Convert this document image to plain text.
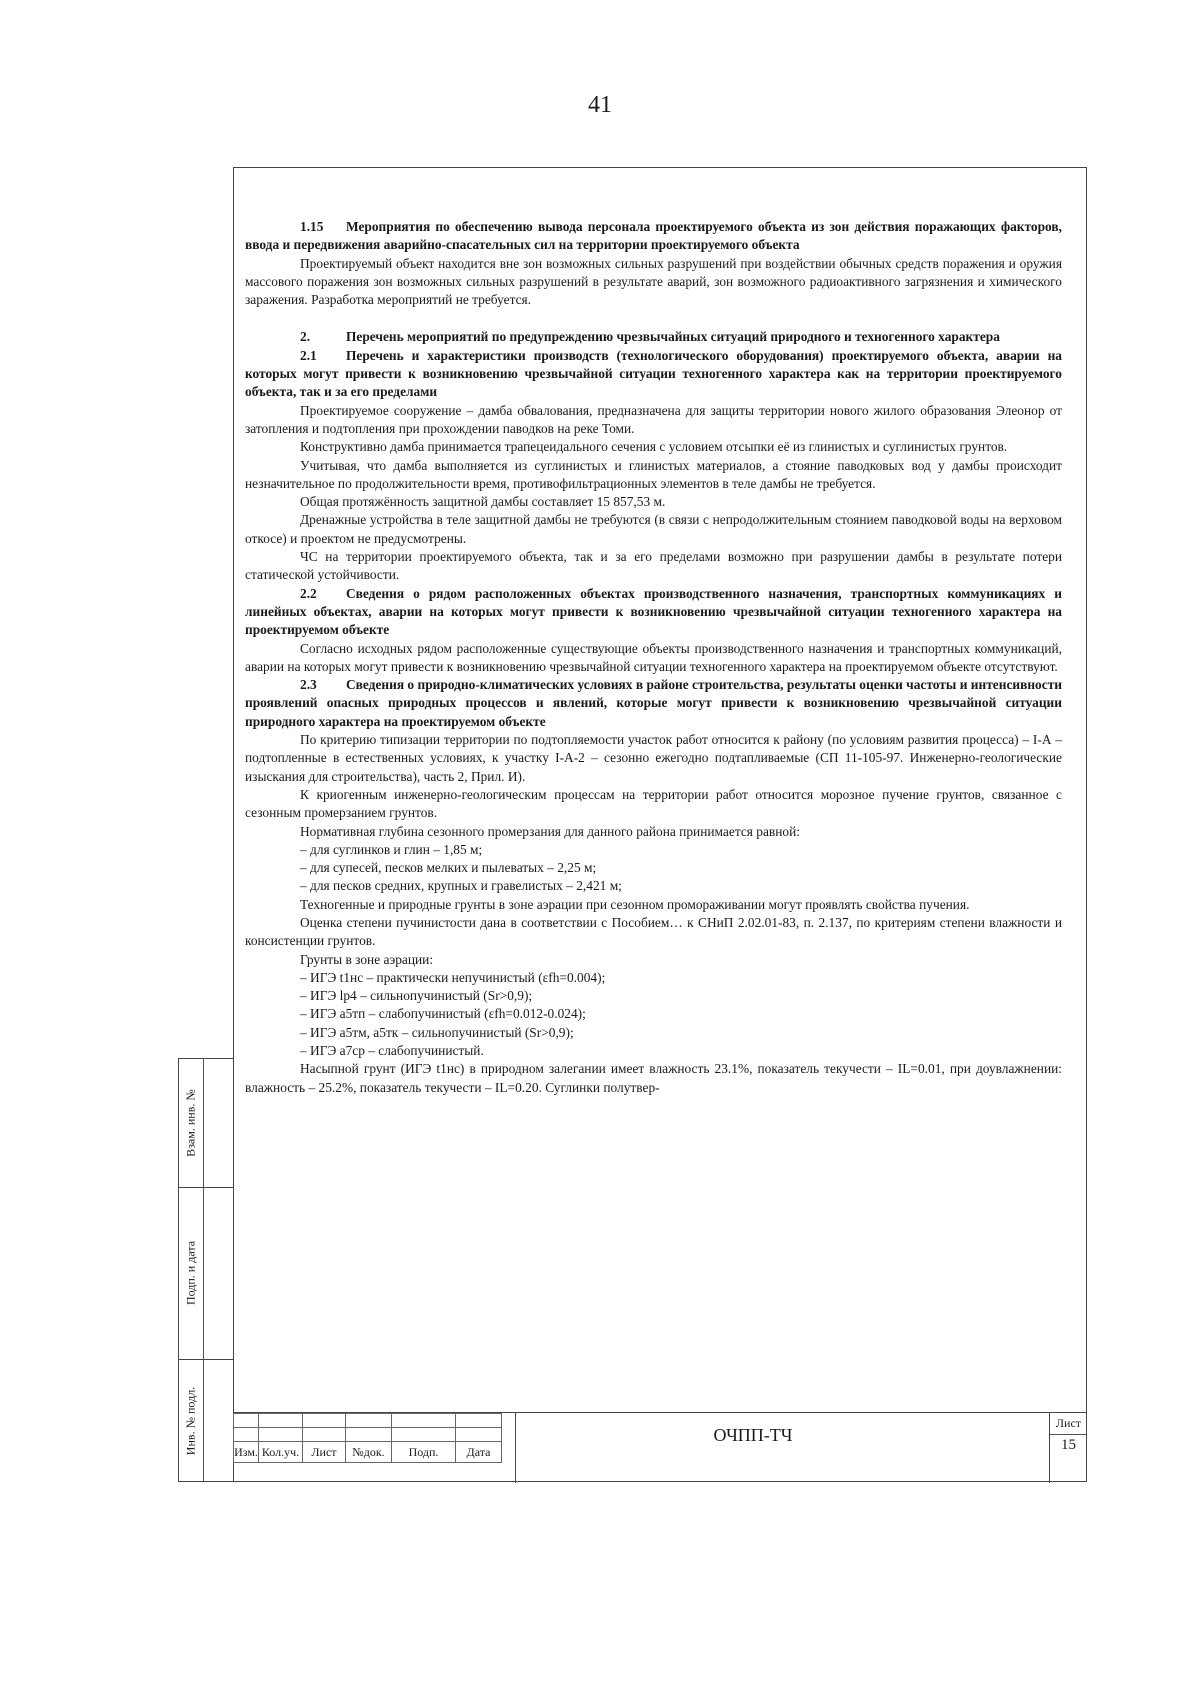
41

1.15 Мероприятия по обеспечению вывода персонала проектируемого объекта из зон действия поражающих факторов, ввода и передвижения аварийно-спасательных сил на территории проектируемого объекта

Проектируемый объект находится вне зон возможных сильных разрушений при воздействии обычных средств поражения и оружия массового поражения зон возможных сильных разрушений в результате аварий, зон возможного радиоактивного загрязнения и химического заражения. Разработка мероприятий не требуется.

2.	Перечень мероприятий по предупреждению чрезвычайных ситуаций природного и техногенного характера

2.1 Перечень и характеристики производств (технологического оборудования) проектируемого объекта, аварии на которых могут привести к возникновению чрезвычайной ситуации техногенного характера как на территории проектируемого объекта, так и за его пределами

Проектируемое сооружение – дамба обвалования, предназначена для защиты территории нового жилого образования Элеонор от затопления и подтопления при прохождении паводков на реке Томи.

Конструктивно дамба принимается трапецеидального сечения с условием отсыпки её из глинистых и суглинистых грунтов.

Учитывая, что дамба выполняется из суглинистых и глинистых материалов, а стояние паводковых вод у дамбы происходит незначительное по продолжительности время, противофильтрационных элементов в теле дамбы не требуется.

Общая протяжённость защитной дамбы составляет 15 857,53 м.

Дренажные устройства в теле защитной дамбы не требуются (в связи с непродолжительным стоянием паводковой воды на верховом откосе) и проектом не предусмотрены.

ЧС на территории проектируемого объекта, так и за его пределами возможно при разрушении дамбы в результате потери статической устойчивости.

2.2 Сведения о рядом расположенных объектах производственного назначения, транспортных коммуникациях и линейных объектах, аварии на которых могут привести к возникновению чрезвычайной ситуации техногенного характера на проектируемом объекте

Согласно исходных рядом расположенные существующие объекты производственного назначения и транспортных коммуникаций, аварии на которых могут привести к возникновению чрезвычайной ситуации техногенного характера на проектируемом объекте отсутствуют.

2.3 Сведения о природно-климатических условиях в районе строительства, результаты оценки частоты и интенсивности проявлений опасных природных процессов и явлений, которые могут привести к возникновению чрезвычайной ситуации природного характера на проектируемом объекте

По критерию типизации территории по подтопляемости участок работ относится к району (по условиям развития процесса) – I-А – подтопленные в естественных условиях, к участку I-А-2 – сезонно ежегодно подтапливаемые (СП 11-105-97. Инженерно-геологические изыскания для строительства), часть 2, Прил. И).

К криогенным инженерно-геологическим процессам на территории работ относится морозное пучение грунтов, связанное с сезонным промерзанием грунтов.

Нормативная глубина сезонного промерзания для данного района принимается равной:

– для суглинков и глин – 1,85 м;

– для супесей, песков мелких и пылеватых – 2,25 м;

– для песков средних, крупных и гравелистых – 2,421 м;

Техногенные и природные грунты в зоне аэрации при сезонном промораживании могут проявлять свойства пучения.

Оценка степени пучинистости дана в соответствии с Пособием… к СНиП 2.02.01-83, п. 2.137, по критериям степени влажности и консистенции грунтов.

Грунты в зоне аэрации:

– ИГЭ t1нс – практически непучинистый (εfh=0.004);

– ИГЭ lp4 – сильнопучинистый (Sr>0,9);

– ИГЭ a5тп – слабопучинистый (εfh=0.012-0.024);

– ИГЭ a5тм, a5тк – сильнопучинистый (Sr>0,9);

– ИГЭ a7cp – слабопучинистый.

Насыпной грунт (ИГЭ t1нс) в природном залегании имеет влажность 23.1%, показатель текучести – IL=0.01, при доувлажнении: влажность – 25.2%, показатель текучести – IL=0.20. Суглинки полутвер-

Взам. инв. №
Подп. и дата
Инв. № подл.

						Изм.	Кол.уч.	Лист	№док.	Подп.	Дата
ОЧПП-ТЧ
Лист
15
